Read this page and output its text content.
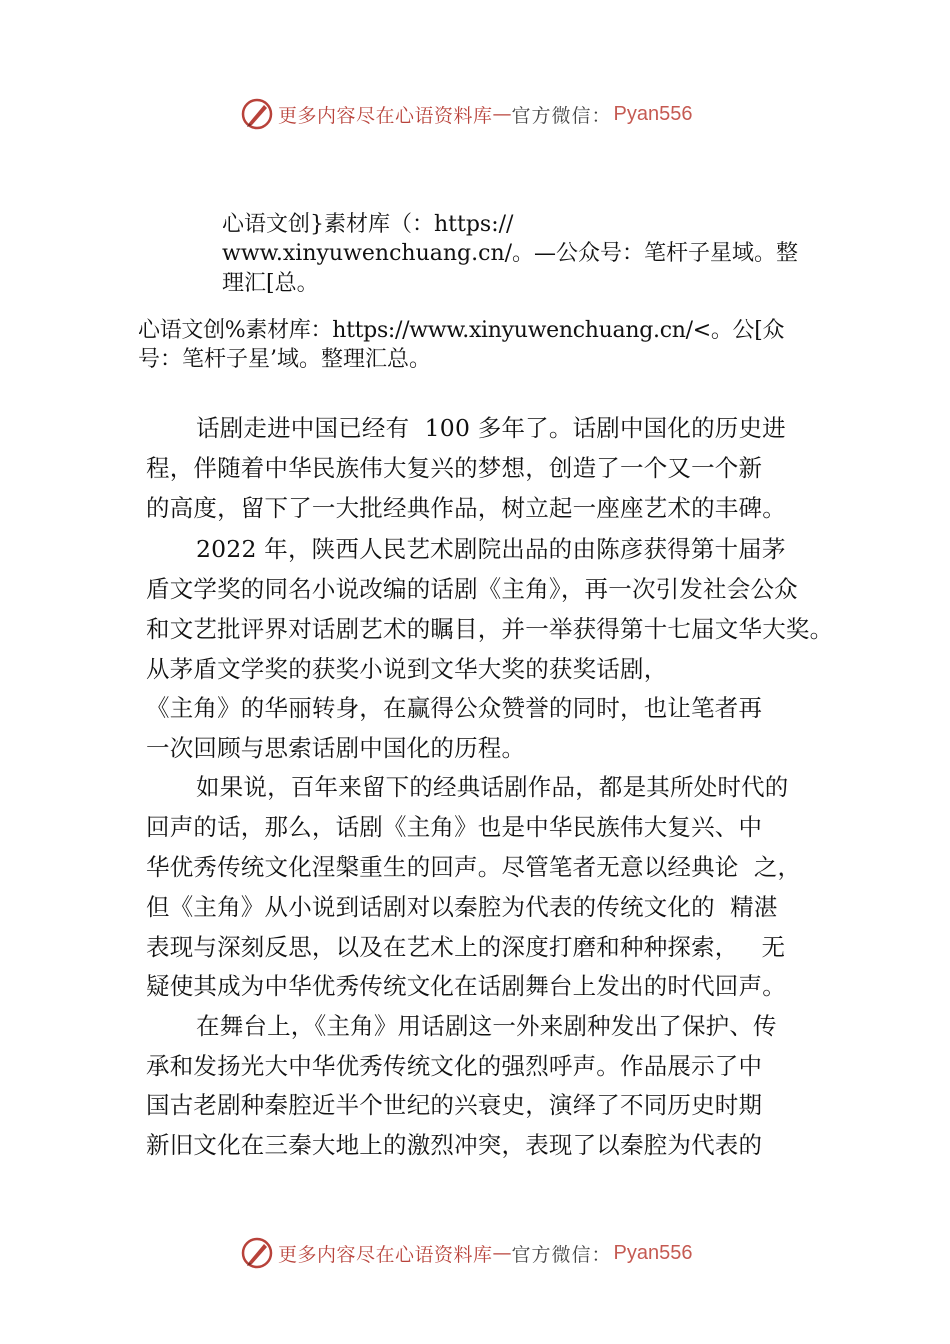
更多内容尽在心语资料库 — 官方微信： Pyan556
心语文创}素材库（：https://
www.xinyuwenchuang.cn/。—公众号：笔杆子星域。整
理汇[总。
心语文创%素材库：https://www.xinyuwenchuang.cn/<。公[众
号：笔杆子星’域。整理汇总。
话剧走进中国已经有  100 多年了。话剧中国化的历史进
程，伴随着中华民族伟大复兴的梦想，创造了一个又一个新
的高度，留下了一大批经典作品，树立起一座座艺术的丰碑。
2022 年，陕西人民艺术剧院出品的由陈彦获得第十届茅
盾文学奖的同名小说改编的话剧《主角》，再一次引发社会公众
和文艺批评界对话剧艺术的瞩目，并一举获得第十七届文华大奖。
从茅盾文学奖的获奖小说到文华大奖的获奖话剧，
《主角》的华丽转身，在赢得公众赞誉的同时，也让笔者再
一次回顾与思索话剧中国化的历程。
如果说，百年来留下的经典话剧作品，都是其所处时代的
回声的话，那么，话剧《主角》也是中华民族伟大复兴、中
华优秀传统文化涅槃重生的回声。尽管笔者无意以经典论  之，
但《主角》从小说到话剧对以秦腔为代表的传统文化的  精湛
表现与深刻反思，以及在艺术上的深度打磨和种种探索，   无
疑使其成为中华优秀传统文化在话剧舞台上发出的时代回声。
在舞台上，《主角》用话剧这一外来剧种发出了保护、传
承和发扬光大中华优秀传统文化的强烈呼声。作品展示了中
国古老剧种秦腔近半个世纪的兴衰史，演绎了不同历史时期
新旧文化在三秦大地上的激烈冲突，表现了以秦腔为代表的
更多内容尽在心语资料库 — 官方微信： Pyan556
